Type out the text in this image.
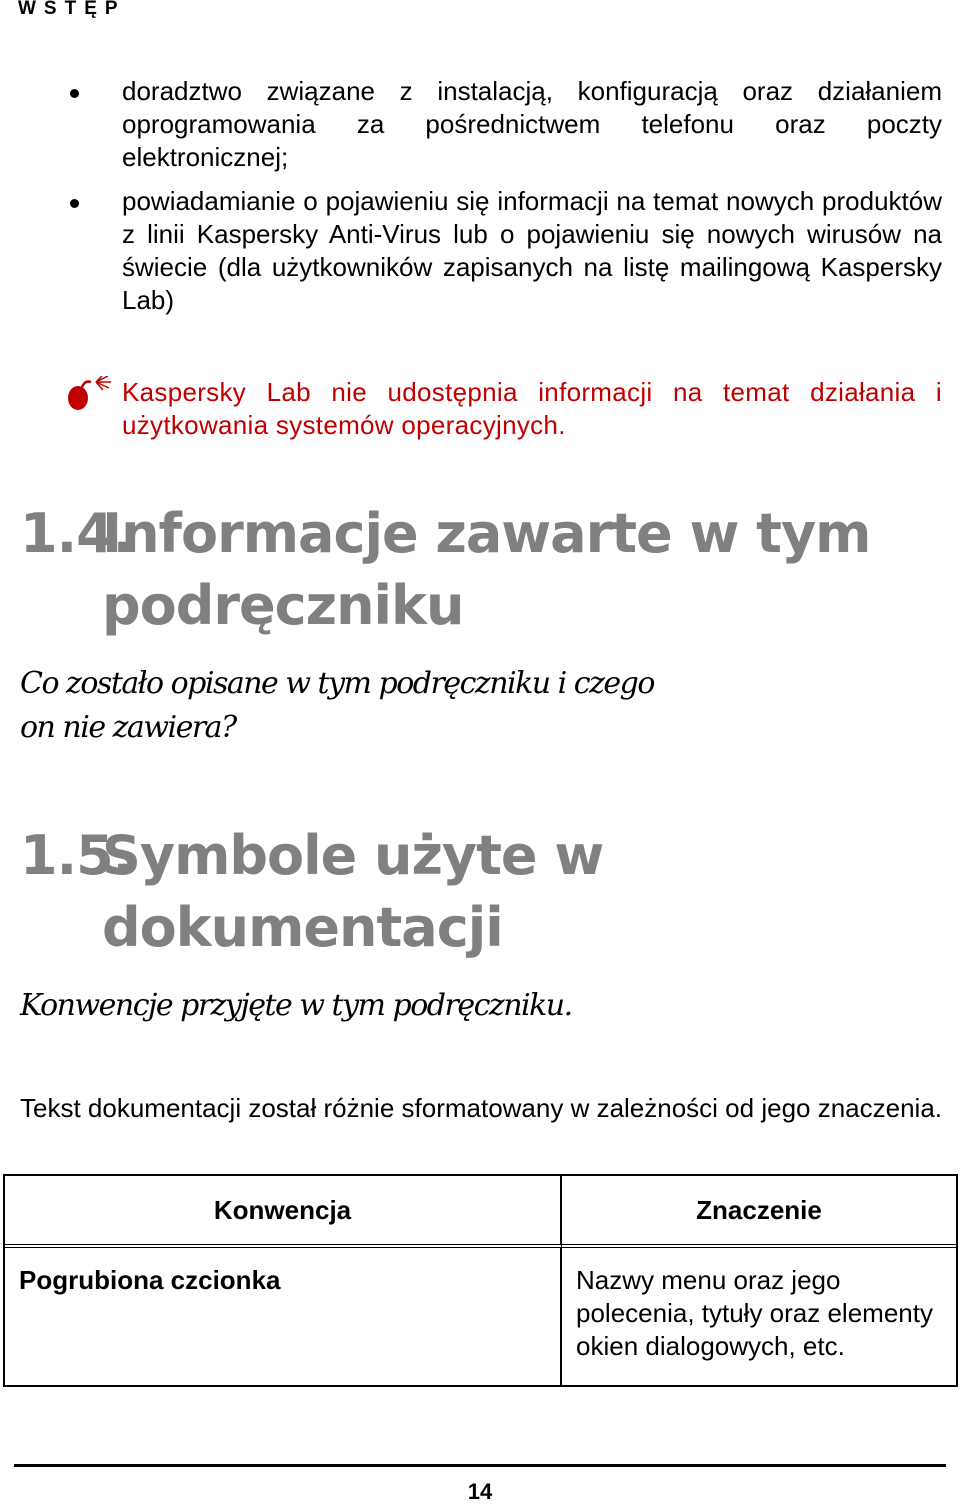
WSTĘP
doradztwo związane z instalacją, konfiguracją oraz działaniem oprogramowania za pośrednictwem telefonu oraz poczty elektronicznej;
powiadamianie o pojawieniu się informacji na temat nowych produktów z linii Kaspersky Anti-Virus lub o pojawieniu się nowych wirusów na świecie (dla użytkowników zapisanych na listę mailingową Kaspersky Lab)

Kaspersky Lab nie udostępnia informacji na temat działania i użytkowania systemów operacyjnych.

1.4.
Informacje zawarte w tym podręczniku

Co zostało opisane w tym podręczniku i czego on nie zawiera?

1.5.
Symbole użyte w dokumentacji

Konwencje przyjęte w tym podręczniku.

Tekst dokumentacji został różnie sformatowany w zależności od jego znaczenia.

Konwencja	Znaczenie
Pogrubiona czcionka	Nazwy menu oraz jego polecenia, tytuły oraz elementy okien dialogowych, etc.
14
